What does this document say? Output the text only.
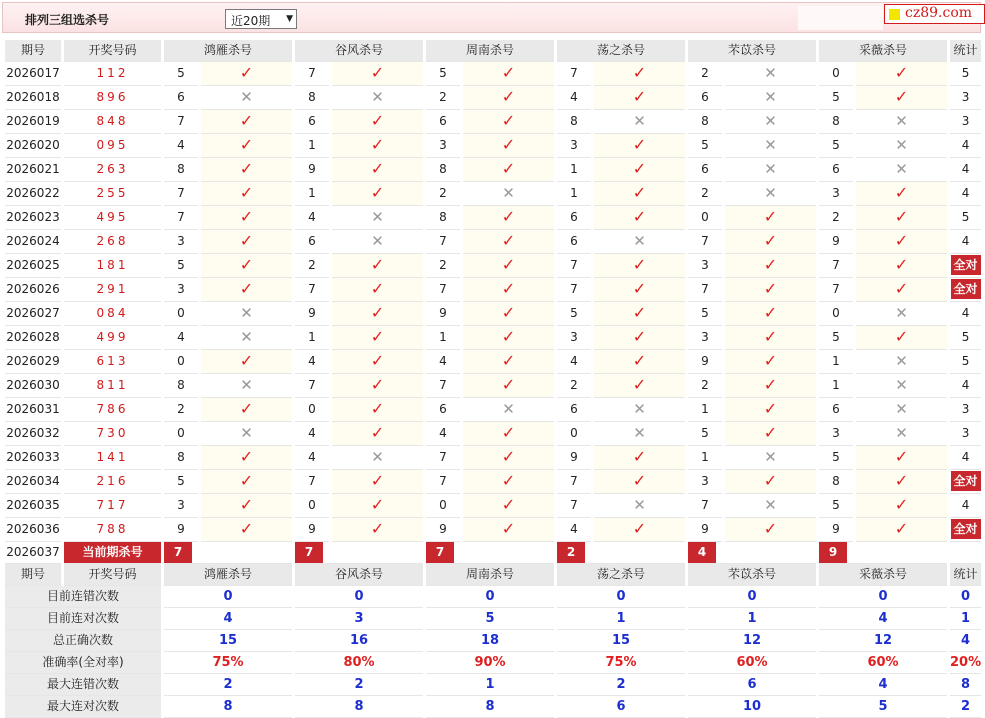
排列三组选杀号	近20期 ▼	cz89.com
期号	开奖号码	鸿雁杀号		谷风杀号		周南杀号		荡之杀号		芣苡杀号		采薇杀号		统计
2026017	112	5	✓	7	✓	5	✓	7	✓	2	✕	0	✓	5
2026018	896	6	✕	8	✕	2	✓	4	✓	6	✕	5	✓	3
2026019	848	7	✓	6	✓	6	✓	8	✕	8	✕	8	✕	3
2026020	095	4	✓	1	✓	3	✓	3	✓	5	✕	5	✕	4
2026021	263	8	✓	9	✓	8	✓	1	✓	6	✕	6	✕	4
2026022	255	7	✓	1	✓	2	✕	1	✓	2	✕	3	✓	4
2026023	495	7	✓	4	✕	8	✓	6	✓	0	✓	2	✓	5
2026024	268	3	✓	6	✕	7	✓	6	✕	7	✓	9	✓	4
2026025	181	5	✓	2	✓	2	✓	7	✓	3	✓	7	✓	全对
2026026	291	3	✓	7	✓	7	✓	7	✓	7	✓	7	✓	全对
2026027	084	0	✕	9	✓	9	✓	5	✓	5	✓	0	✕	4
2026028	499	4	✕	1	✓	1	✓	3	✓	3	✓	5	✓	5
2026029	613	0	✓	4	✓	4	✓	4	✓	9	✓	1	✕	5
2026030	811	8	✕	7	✓	7	✓	2	✓	2	✓	1	✕	4
2026031	786	2	✓	0	✓	6	✕	6	✕	1	✓	6	✕	3
2026032	730	0	✕	4	✓	4	✓	0	✕	5	✓	3	✕	3
2026033	141	8	✓	4	✕	7	✓	9	✓	1	✕	5	✓	4
2026034	216	5	✓	7	✓	7	✓	7	✓	3	✓	8	✓	全对
2026035	717	3	✓	0	✓	0	✓	7	✕	7	✕	5	✓	4
2026036	788	9	✓	9	✓	9	✓	4	✓	9	✓	9	✓	全对
2026037	当前期杀号	7		7		7		2		4		9		

期号	开奖号码	鸿雁杀号		谷风杀号		周南杀号		荡之杀号		芣苡杀号		采薇杀号		统计
目前连错次数		0		0		0		0		0		0		0
目前连对次数		4		3		5		1		1		4		1
总正确次数		15		16		18		15		12		12		4
准确率(全对率)		75%		80%		90%		75%		60%		60%		20%
最大连错次数		2		2		1		2		6		4		8
最大连对次数		8		8		8		6		10		5		2
